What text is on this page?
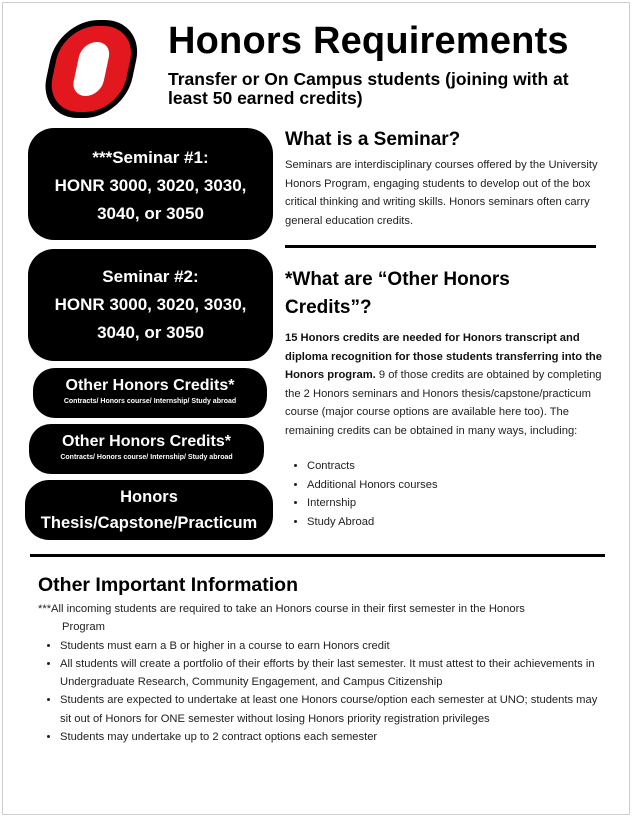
Honors Requirements
Transfer or On Campus students (joining with at least 50 earned credits)
***Seminar #1:
HONR 3000, 3020, 3030,
3040, or 3050
Seminar #2:
HONR 3000, 3020, 3030,
3040, or 3050
Other Honors Credits*
Contracts/ Honors course/ Internship/ Study abroad
Other Honors Credits*
Contracts/ Honors course/ Internship/ Study abroad
Honors
Thesis/Capstone/Practicum
What is a Seminar?
Seminars are interdisciplinary courses offered by the University Honors Program, engaging students to develop out of the box critical thinking and writing skills. Honors seminars often carry general education credits.
*What are “Other Honors Credits”?
15 Honors credits are needed for Honors transcript and diploma recognition for those students transferring into the Honors program. 9 of those credits are obtained by completing the 2 Honors seminars and Honors thesis/capstone/practicum course (major course options are available here too). The remaining credits can be obtained in many ways, including:
• Contracts
• Additional Honors courses
• Internship
• Study Abroad
Other Important Information
***All incoming students are required to take an Honors course in their first semester in the Honors
Program
• Students must earn a B or higher in a course to earn Honors credit
• All students will create a portfolio of their efforts by their last semester. It must attest to their achievements in Undergraduate Research, Community Engagement, and Campus Citizenship
• Students are expected to undertake at least one Honors course/option each semester at UNO; students may sit out of Honors for ONE semester without losing Honors priority registration privileges
• Students may undertake up to 2 contract options each semester
